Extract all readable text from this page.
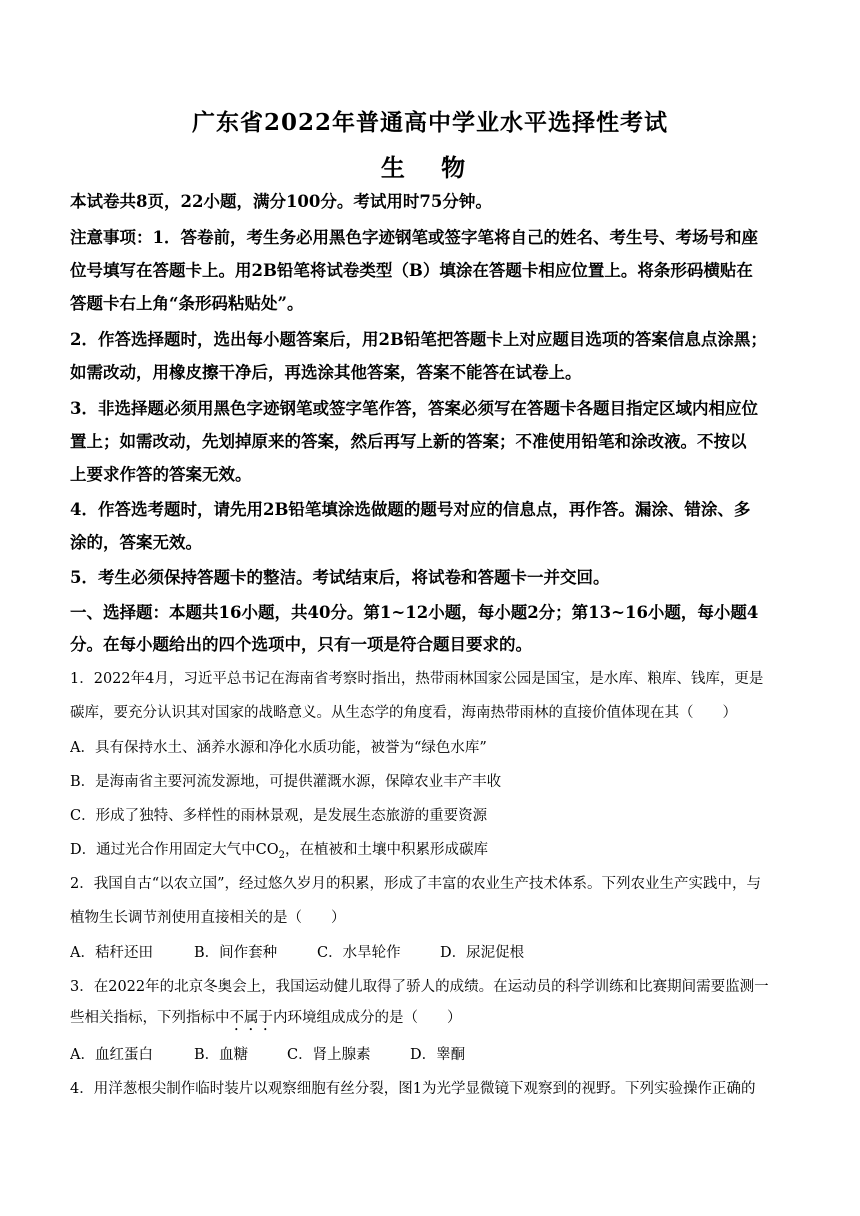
广东省2022年普通高中学业水平选择性考试
生 物
本试卷共8页，22小题，满分100分。考试用时75分钟。
注意事项：1．答卷前，考生务必用黑色字迹钢笔或签字笔将自己的姓名、考生号、考场号和座
位号填写在答题卡上。用2B铅笔将试卷类型（B）填涂在答题卡相应位置上。将条形码横贴在
答题卡右上角“条形码粘贴处”。
2．作答选择题时，选出每小题答案后，用2B铅笔把答题卡上对应题目选项的答案信息点涂黑；
如需改动，用橡皮擦干净后，再选涂其他答案，答案不能答在试卷上。
3．非选择题必须用黑色字迹钢笔或签字笔作答，答案必须写在答题卡各题目指定区域内相应位
置上；如需改动，先划掉原来的答案，然后再写上新的答案；不准使用铅笔和涂改液。不按以
上要求作答的答案无效。
4．作答选考题时，请先用2B铅笔填涂选做题的题号对应的信息点，再作答。漏涂、错涂、多
涂的，答案无效。
5．考生必须保持答题卡的整洁。考试结束后，将试卷和答题卡一并交回。
一、选择题：本题共16小题，共40分。第1~12小题，每小题2分；第13~16小题，每小题4
分。在每小题给出的四个选项中，只有一项是符合题目要求的。
1．2022年4月，习近平总书记在海南省考察时指出，热带雨林国家公园是国宝，是水库、粮库、钱库，更是
碳库，要充分认识其对国家的战略意义。从生态学的角度看，海南热带雨林的直接价值体现在其（　　）
A．具有保持水土、涵养水源和净化水质功能，被誉为“绿色水库”
B．是海南省主要河流发源地，可提供灌溉水源，保障农业丰产丰收
C．形成了独特、多样性的雨林景观，是发展生态旅游的重要资源
D．通过光合作用固定大气中$CO_2$，在植被和土壤中积累形成碳库
2．我国自古“以农立国”，经过悠久岁月的积累，形成了丰富的农业生产技术体系。下列农业生产实践中，与
植物生长调节剂使用直接相关的是（　　）
A．秸秆还田	B．间作套种	C．水旱轮作	D．尿泥促根
3．在2022年的北京冬奥会上，我国运动健儿取得了骄人的成绩。在运动员的科学训练和比赛期间需要监测一
些相关指标，下列指标中不属于内环境组成成分的是（　　）
A．血红蛋白	B．血糖	C．肾上腺素	D．睾酮
4．用洋葱根尖制作临时装片以观察细胞有丝分裂，图1为光学显微镜下观察到的视野。下列实验操作正确的
